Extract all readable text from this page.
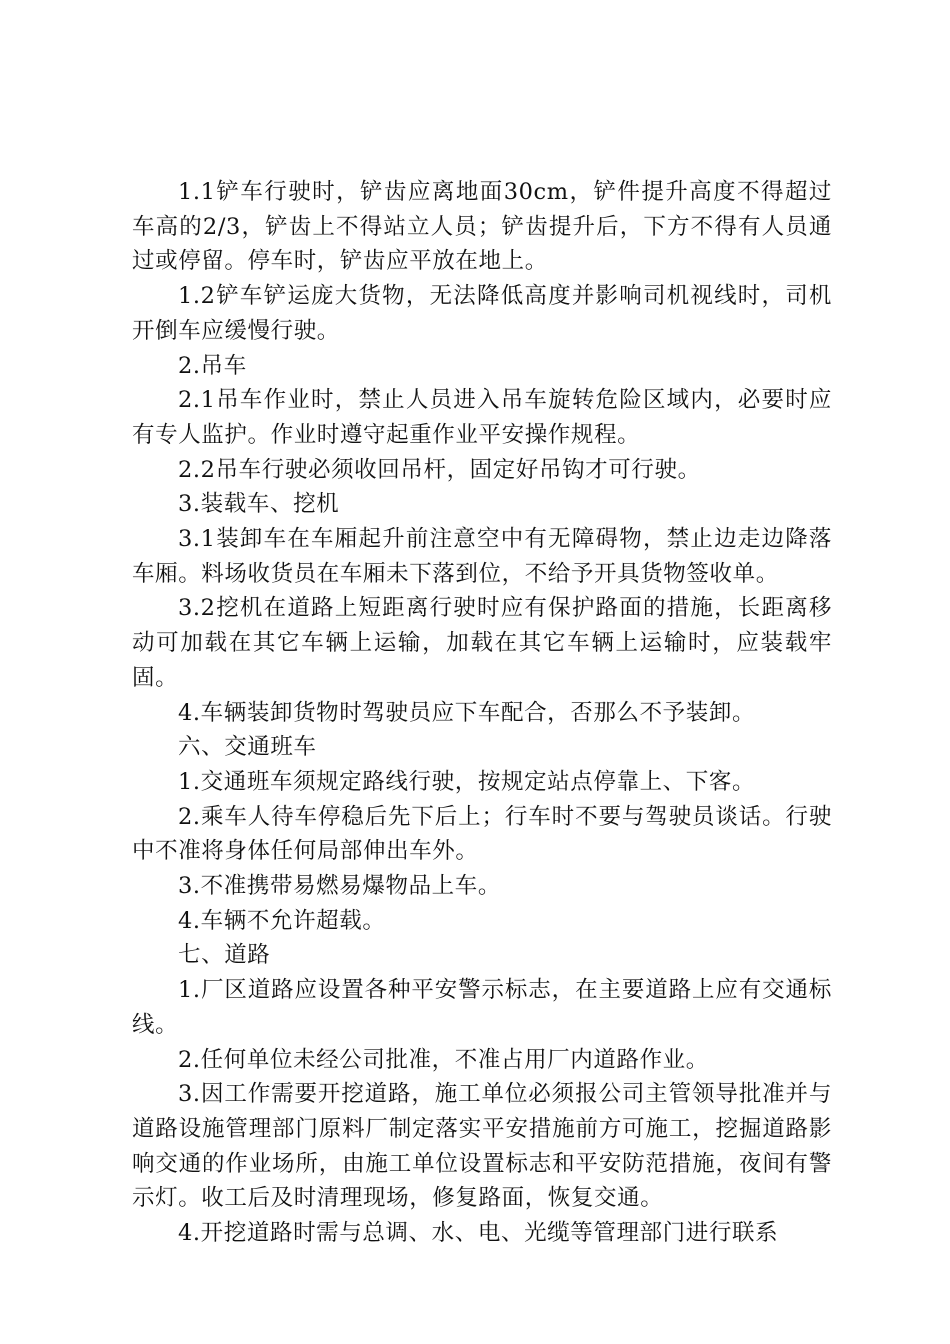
1.1铲车行驶时，铲齿应离地面30cm，铲件提升高度不得超过车高的2/3，铲齿上不得站立人员；铲齿提升后，下方不得有人员通过或停留。停车时，铲齿应平放在地上。

1.2铲车铲运庞大货物，无法降低高度并影响司机视线时，司机开倒车应缓慢行驶。

2.吊车

2.1吊车作业时，禁止人员进入吊车旋转危险区域内，必要时应有专人监护。作业时遵守起重作业平安操作规程。

2.2吊车行驶必须收回吊杆，固定好吊钩才可行驶。

3.装载车、挖机

3.1装卸车在车厢起升前注意空中有无障碍物，禁止边走边降落车厢。料场收货员在车厢未下落到位，不给予开具货物签收单。

3.2挖机在道路上短距离行驶时应有保护路面的措施，长距离移动可加载在其它车辆上运输，加载在其它车辆上运输时，应装载牢固。

4.车辆装卸货物时驾驶员应下车配合，否那么不予装卸。

六、交通班车

1.交通班车须规定路线行驶，按规定站点停靠上、下客。

2.乘车人待车停稳后先下后上；行车时不要与驾驶员谈话。行驶中不准将身体任何局部伸出车外。

3.不准携带易燃易爆物品上车。

4.车辆不允许超载。

七、道路

1.厂区道路应设置各种平安警示标志，在主要道路上应有交通标线。

2.任何单位未经公司批准，不准占用厂内道路作业。

3.因工作需要开挖道路，施工单位必须报公司主管领导批准并与道路设施管理部门原料厂制定落实平安措施前方可施工，挖掘道路影响交通的作业场所，由施工单位设置标志和平安防范措施，夜间有警示灯。收工后及时清理现场，修复路面，恢复交通。

4.开挖道路时需与总调、水、电、光缆等管理部门进行联系
